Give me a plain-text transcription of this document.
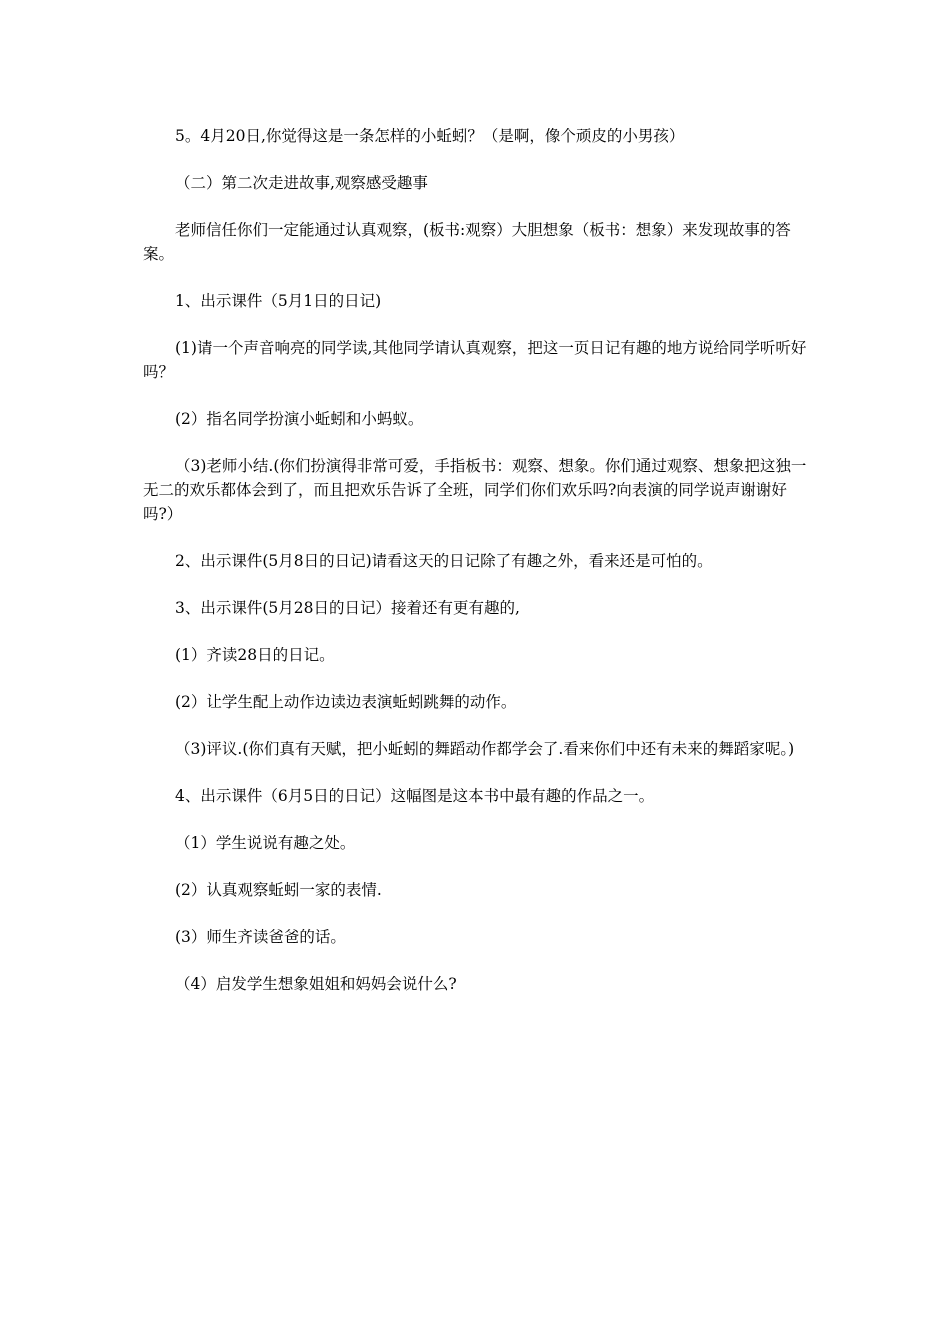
5。4月20日,你觉得这是一条怎样的小蚯蚓？（是啊，像个顽皮的小男孩）

（二）第二次走进故事,观察感受趣事

老师信任你们一定能通过认真观察，(板书:观察）大胆想象（板书：想象）来发现故事的答案。

1、出示课件（5月1日的日记)

(1)请一个声音响亮的同学读,其他同学请认真观察，把这一页日记有趣的地方说给同学听听好吗？

(2）指名同学扮演小蚯蚓和小蚂蚁。

（3)老师小结.(你们扮演得非常可爱，手指板书：观察、想象。你们通过观察、想象把这独一无二的欢乐都体会到了，而且把欢乐告诉了全班，同学们你们欢乐吗?向表演的同学说声谢谢好吗?）

2、出示课件(5月8日的日记)请看这天的日记除了有趣之外，看来还是可怕的。

3、出示课件(5月28日的日记）接着还有更有趣的,

(1）齐读28日的日记。

(2）让学生配上动作边读边表演蚯蚓跳舞的动作。

（3)评议.(你们真有天赋，把小蚯蚓的舞蹈动作都学会了.看来你们中还有未来的舞蹈家呢。)

4、出示课件（6月5日的日记）这幅图是这本书中最有趣的作品之一。

（1）学生说说有趣之处。

(2）认真观察蚯蚓一家的表情.

(3）师生齐读爸爸的话。

（4）启发学生想象姐姐和妈妈会说什么?
